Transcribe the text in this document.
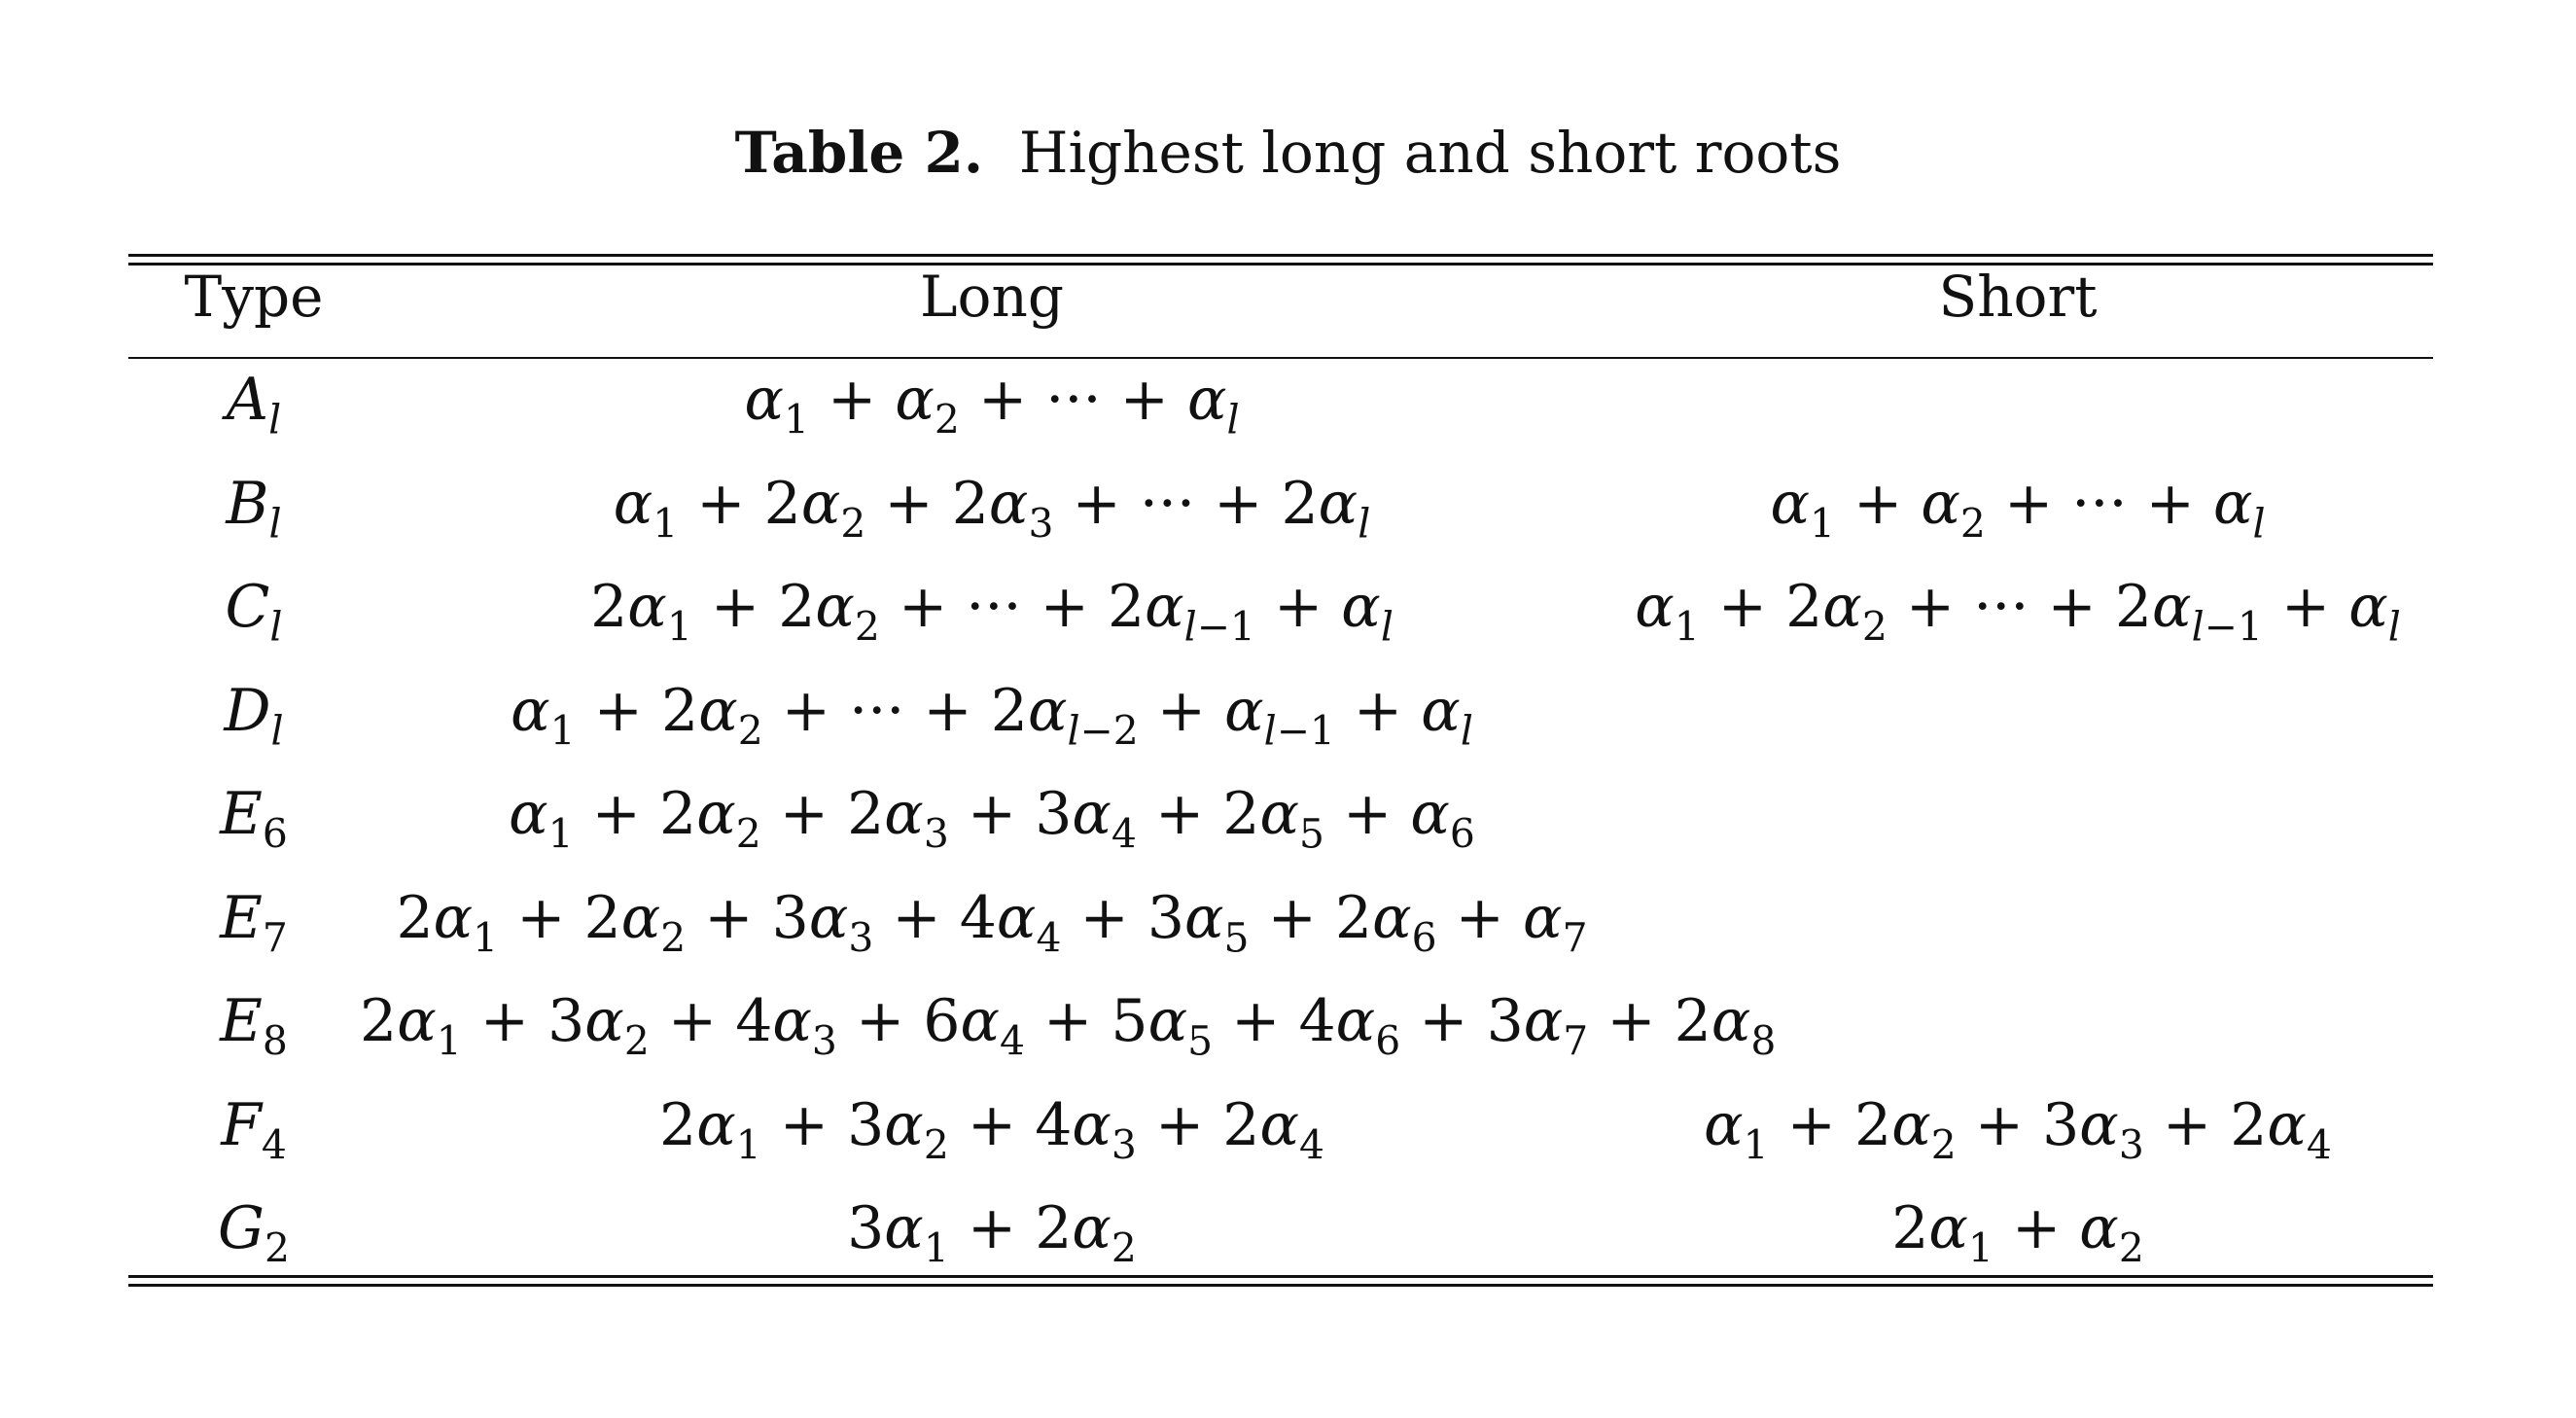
Table 2. Highest long and short roots
Type	Long	Short
$A_l$	$\alpha_1 + \alpha_2$ + ··· + $\alpha_l$
$B_l$	$\alpha_1 + 2\alpha_2 + 2\alpha_3$ + ··· + $2\alpha_l$	$\alpha_1 + \alpha_2$ + ··· + $\alpha_l$
$C_l$	$2\alpha_1 + 2\alpha_2$ + ··· + $2\alpha_{l-1} + \alpha_l$	$\alpha_1 + 2\alpha_2$ + ··· + $2\alpha_{l-1} + \alpha_l$
$D_l$	$\alpha_1 + 2\alpha_2$ + ··· + $2\alpha_{l-2} + \alpha_{l-1} + \alpha_l$
$E_6$	$\alpha_1 + 2\alpha_2 + 2\alpha_3 + 3\alpha_4 + 2\alpha_5 + \alpha_6$
$E_7$	$2\alpha_1 + 2\alpha_2 + 3\alpha_3 + 4\alpha_4 + 3\alpha_5 + 2\alpha_6 + \alpha_7$
$E_8$	$2\alpha_1 + 3\alpha_2 + 4\alpha_3 + 6\alpha_4 + 5\alpha_5 + 4\alpha_6 + 3\alpha_7 + 2\alpha_8$
$F_4$	$2\alpha_1 + 3\alpha_2 + 4\alpha_3 + 2\alpha_4$	$\alpha_1 + 2\alpha_2 + 3\alpha_3 + 2\alpha_4$
$G_2$	$3\alpha_1 + 2\alpha_2$	$2\alpha_1 + \alpha_2$
